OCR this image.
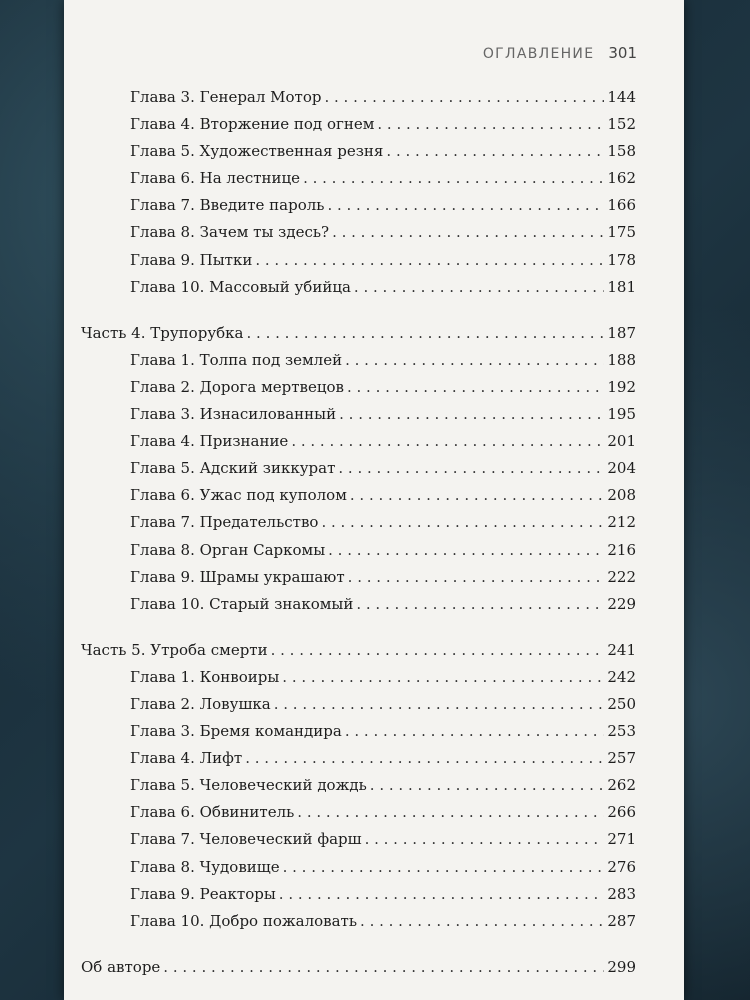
ОГЛАВЛЕНИЕ 301
Глава 3. Генерал Мотор . . .	144
Глава 4. Вторжение под огнем . . .	152
Глава 5. Художественная резня . . .	158
Глава 6. На лестнице . . .	162
Глава 7. Введите пароль . . .	166
Глава 8. Зачем ты здесь? . . .	175
Глава 9. Пытки . . .	178
Глава 10. Массовый убийца . . .	181
Часть 4. Трупорубка . . .	187
Глава 1. Толпа под землей . . .	188
Глава 2. Дорога мертвецов . . .	192
Глава 3. Изнасилованный . . .	195
Глава 4. Признание . . .	201
Глава 5. Адский зиккурат . . .	204
Глава 6. Ужас под куполом . . .	208
Глава 7. Предательство . . .	212
Глава 8. Орган Саркомы . . .	216
Глава 9. Шрамы украшают . . .	222
Глава 10. Старый знакомый . . .	229
Часть 5. Утроба смерти . . .	241
Глава 1. Конвоиры . . .	242
Глава 2. Ловушка . . .	250
Глава 3. Бремя командира . . .	253
Глава 4. Лифт . . .	257
Глава 5. Человеческий дождь . . .	262
Глава 6. Обвинитель . . .	266
Глава 7. Человеческий фарш . . .	271
Глава 8. Чудовище . . .	276
Глава 9. Реакторы . . .	283
Глава 10. Добро пожаловать . . .	287
Об авторе . . .	299
